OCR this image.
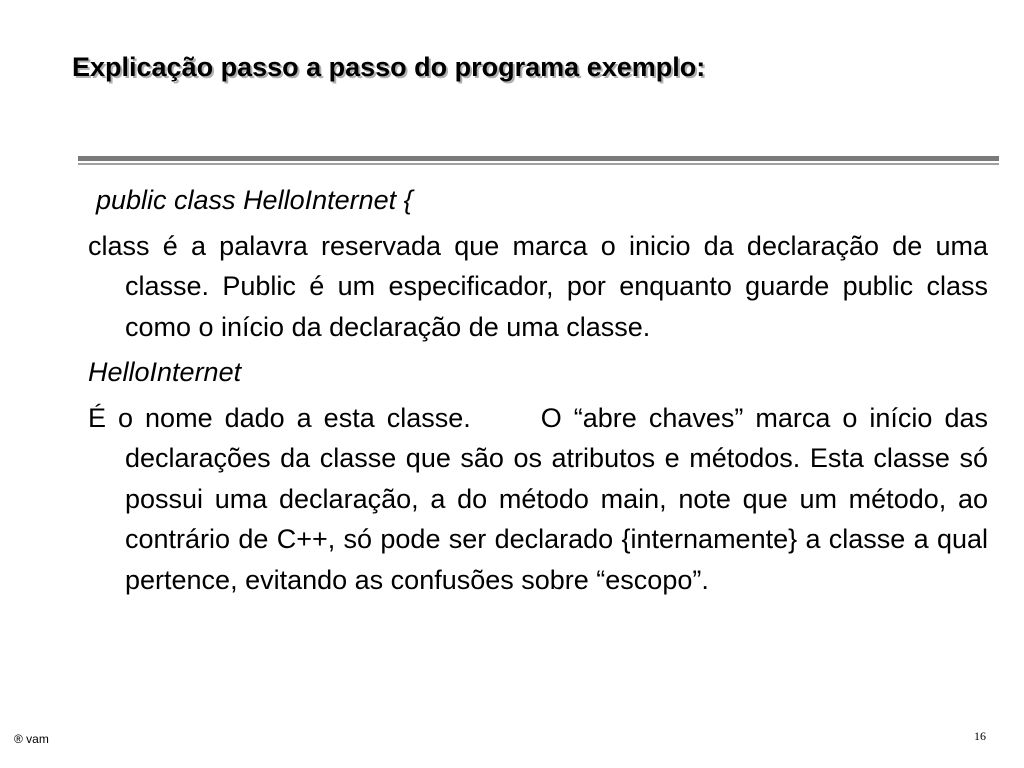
Explicação passo a passo do programa exemplo:

public class HelloInternet {

class é a palavra reservada que marca o inicio da declaração de uma classe. Public é um especificador, por enquanto guarde public class como o início da declaração de uma classe.

HelloInternet

É o nome dado a esta classe.	O “abre chaves” marca o início das declarações da classe que são os atributos e métodos. Esta classe só possui uma declaração, a do método main, note que um método, ao contrário de C++, só pode ser declarado {internamente} a classe a qual pertence, evitando as confusões sobre “escopo”.

® vam	16
